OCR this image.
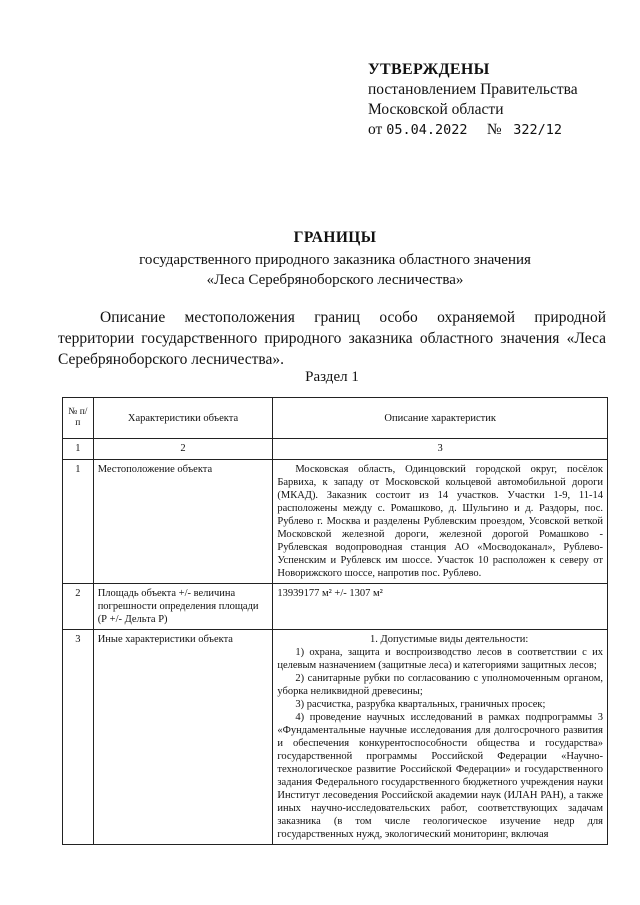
УТВЕРЖДЕНЫ
постановлением Правительства
Московской области
от 05.04.2022 № 322/12
ГРАНИЦЫ
государственного природного заказника областного значения
«Леса Серебряноборского лесничества»
Описание местоположения границ особо охраняемой природной территории государственного природного заказника областного значения «Леса Серебряноборского лесничества».
Раздел 1
№ п/п	Характеристики объекта	Описание характеристик
1	2	3
1	Местоположение объекта	Московская область, Одинцовский городской округ, посёлок Барвиха, к западу от Московской кольцевой автомобильной дороги (МКАД). Заказник состоит из 14 участков. Участки 1-9, 11-14 расположены между с. Ромашково, д. Шульгино и д. Раздоры, пос. Рублево г. Москва и разделены Рублевским проездом, Усовской веткой Московской железной дороги, железной дорогой Ромашково - Рублевская водопроводная станция АО «Мосводоканал», Рублево-Успенским и Рублевск им шоссе. Участок 10 расположен к северу от Новорижского шоссе, напротив пос. Рублево.
2	Площадь объекта +/- величина погрешности определения площади (Р +/- Дельта Р)	13939177 м² +/- 1307 м²
3	Иные характеристики объекта	1. Допустимые виды деятельности:

1) охрана, защита и воспроизводство лесов в соответствии с их целевым назначением (защитные леса) и категориями защитных лесов;

2) санитарные рубки по согласованию с уполномоченным органом, уборка неликвидной древесины;

3) расчистка, разрубка квартальных, граничных просек;

4) проведение научных исследований в рамках подпрограммы 3 «Фундаментальные научные исследования для долгосрочного развития и обеспечения конкурентоспособности общества и государства» государственной программы Российской Федерации «Научно-технологическое развитие Российской Федерации» и государственного задания Федерального государственного бюджетного учреждения науки Институт лесоведения Российской академии наук (ИЛАН РАН), а также иных научно-исследовательских работ, соответствующих задачам заказника (в том числе геологическое изучение недр для государственных нужд, экологический мониторинг, включая
